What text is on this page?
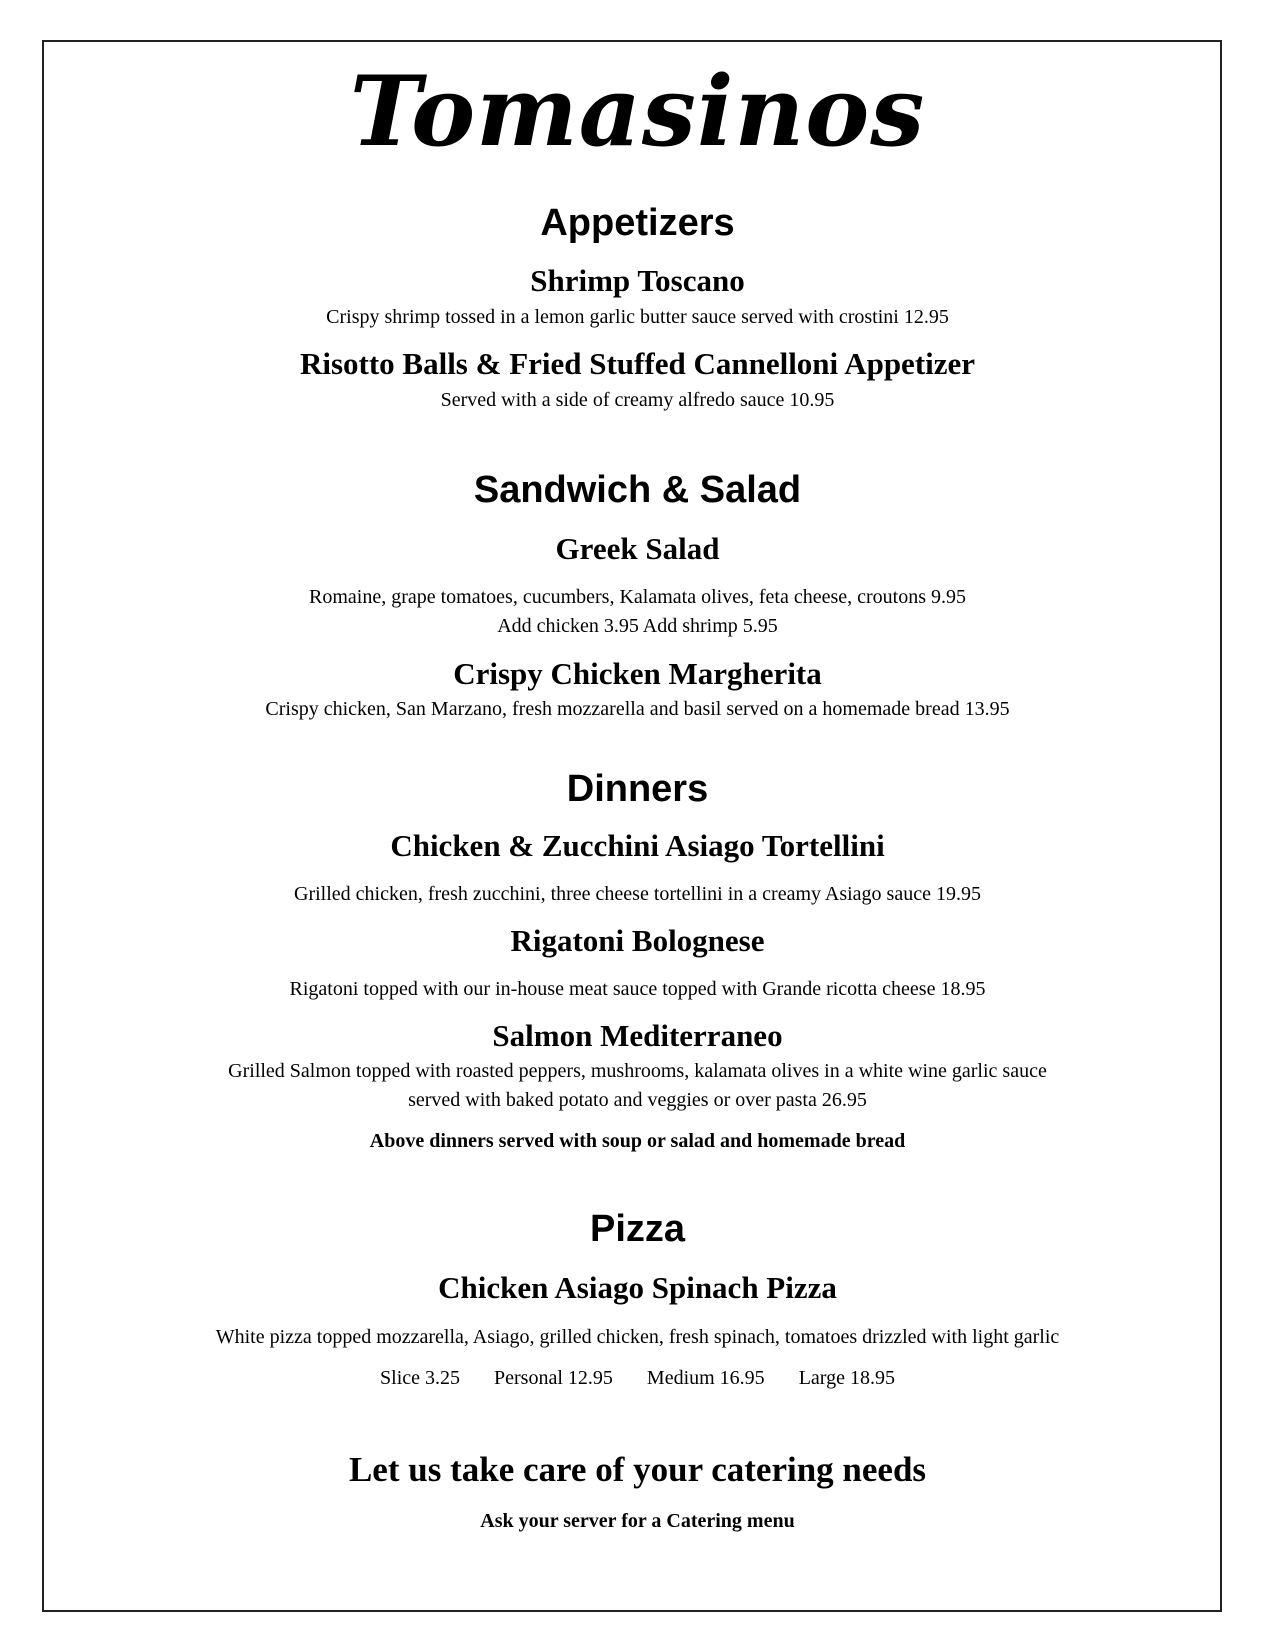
Tomasinos
Appetizers
Shrimp Toscano
Crispy shrimp tossed in a lemon garlic butter sauce served with crostini 12.95
Risotto Balls & Fried Stuffed Cannelloni Appetizer
Served with a side of creamy alfredo sauce 10.95
Sandwich & Salad
Greek Salad
Romaine, grape tomatoes, cucumbers, Kalamata olives, feta cheese, croutons 9.95
Add chicken 3.95 Add shrimp 5.95
Crispy Chicken Margherita
Crispy chicken, San Marzano, fresh mozzarella and basil served on a homemade bread 13.95
Dinners
Chicken & Zucchini Asiago Tortellini
Grilled chicken, fresh zucchini, three cheese tortellini in a creamy Asiago sauce 19.95
Rigatoni Bolognese
Rigatoni topped with our in-house meat sauce topped with Grande ricotta cheese 18.95
Salmon Mediterraneo
Grilled Salmon topped with roasted peppers, mushrooms, kalamata olives in a white wine garlic sauce
served with baked potato and veggies or over pasta 26.95
Above dinners served with soup or salad and homemade bread
Pizza
Chicken Asiago Spinach Pizza
White pizza topped mozzarella, Asiago, grilled chicken, fresh spinach, tomatoes drizzled with light garlic
Slice 3.25 Personal 12.95 Medium 16.95 Large 18.95
Let us take care of your catering needs
Ask your server for a Catering menu
